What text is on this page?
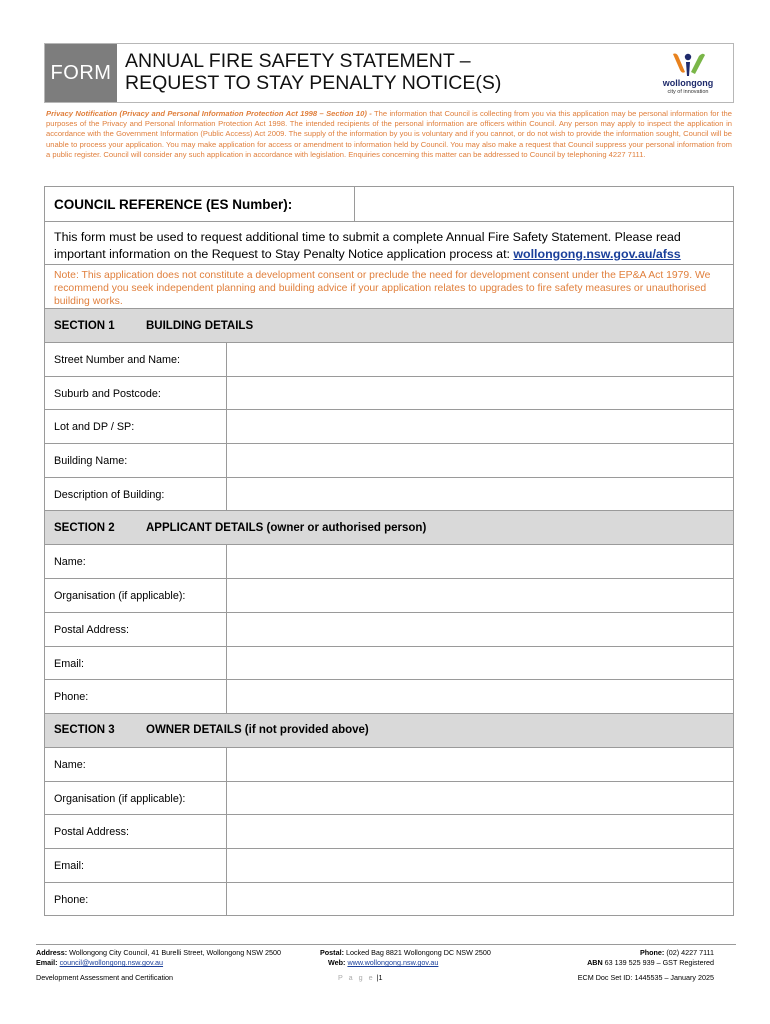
FORM
ANNUAL FIRE SAFETY STATEMENT –
REQUEST TO STAY PENALTY NOTICE(S)	wollongong
city of innovation
Privacy Notification (Privacy and Personal Information Protection Act 1998 – Section 10) - The information that Council is collecting from you via this application may be personal information for the purposes of the Privacy and Personal Information Protection Act 1998. The intended recipients of the personal information are officers within Council. Any person may apply to inspect the application in accordance with the Government Information (Public Access) Act 2009. The supply of the information by you is voluntary and if you cannot, or do not wish to provide the information sought, Council will be unable to process your application. You may make application for access or amendment to information held by Council. You may also make a request that Council suppress your personal information from a public register. Council will consider any such application in accordance with legislation. Enquiries concerning this matter can be addressed to Council by telephoning 4227 7111.
COUNCIL REFERENCE (ES Number):
This form must be used to request additional time to submit a complete Annual Fire Safety Statement. Please read important information on the Request to Stay Penalty Notice application process at: wollongong.nsw.gov.au/afss
Note: This application does not constitute a development consent or preclude the need for development consent under the EP&A Act 1979. We recommend you seek independent planning and building advice if your application relates to upgrades to fire safety measures or unauthorised building works.
SECTION 1	BUILDING DETAILS
Street Number and Name:
Suburb and Postcode:
Lot and DP / SP:
Building Name:
Description of Building:
SECTION 2	APPLICANT DETAILS (owner or authorised person)
Name:
Organisation (if applicable):
Postal Address:
Email:
Phone:
SECTION 3	OWNER DETAILS (if not provided above)
Name:
Organisation (if applicable):
Postal Address:
Email:
Phone:
Address: Wollongong City Council, 41 Burelli Street, Wollongong NSW 2500
Email: council@wollongong.nsw.gov.au
Postal: Locked Bag 8821 Wollongong DC NSW 2500
Web: www.wollongong.nsw.gov.au
Phone: (02) 4227 7111
ABN 63 139 525 939 – GST Registered
Development Assessment and Certification	P a g e |1	ECM Doc Set ID: 1445535 – January 2025
